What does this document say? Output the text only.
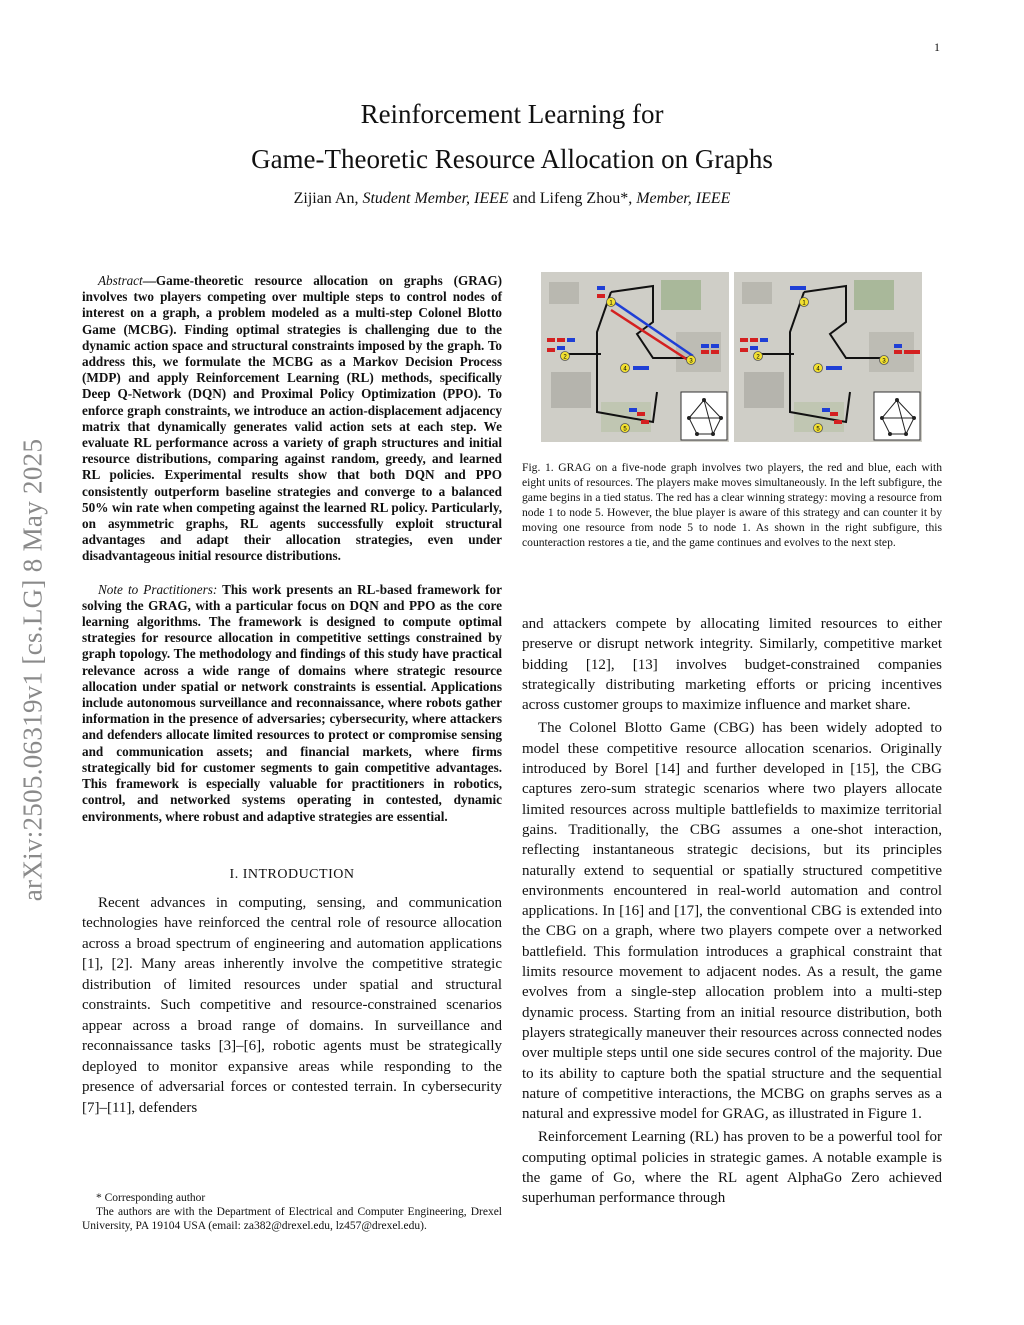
1
arXiv:2505.06319v1 [cs.LG] 8 May 2025
Reinforcement Learning for
Game-Theoretic Resource Allocation on Graphs
Zijian An, Student Member, IEEE and Lifeng Zhou*, Member, IEEE

Abstract—Game-theoretic resource allocation on graphs (GRAG) involves two players competing over multiple steps to control nodes of interest on a graph, a problem modeled as a multi-step Colonel Blotto Game (MCBG). Finding optimal strategies is challenging due to the dynamic action space and structural constraints imposed by the graph. To address this, we formulate the MCBG as a Markov Decision Process (MDP) and apply Reinforcement Learning (RL) methods, specifically Deep Q-Network (DQN) and Proximal Policy Optimization (PPO). To enforce graph constraints, we introduce an action-displacement adjacency matrix that dynamically generates valid action sets at each step. We evaluate RL performance across a variety of graph structures and initial resource distributions, comparing against random, greedy, and learned RL policies. Experimental results show that both DQN and PPO consistently outperform baseline strategies and converge to a balanced 50% win rate when competing against the learned RL policy. Particularly, on asymmetric graphs, RL agents successfully exploit structural advantages and adapt their allocation strategies, even under disadvantageous initial resource distributions.

Note to Practitioners: This work presents an RL-based framework for solving the GRAG, with a particular focus on DQN and PPO as the core learning algorithms. The framework is designed to compute optimal strategies for resource allocation in competitive settings constrained by graph topology. The methodology and findings of this study have practical relevance across a wide range of domains where strategic resource allocation under spatial or network constraints is essential. Applications include autonomous surveillance and reconnaissance, where robots gather information in the presence of adversaries; cybersecurity, where attackers and defenders allocate limited resources to protect or compromise sensing and communication assets; and financial markets, where firms strategically bid for customer segments to gain competitive advantages. This framework is especially valuable for practitioners in robotics, control, and networked systems operating in contested, dynamic environments, where robust and adaptive strategies are essential.

I. INTRODUCTION

Recent advances in computing, sensing, and communication technologies have reinforced the central role of resource allocation across a broad spectrum of engineering and automation applications [1], [2]. Many areas inherently involve the competitive strategic distribution of limited resources under spatial and structural constraints. Such competitive and resource-constrained scenarios appear across a broad range of domains. In surveillance and reconnaissance tasks [3]–[6], robotic agents must be strategically deployed to monitor expansive areas while responding to the presence of adversarial forces or contested terrain. In cybersecurity [7]–[11], defenders

* Corresponding author

The authors are with the Department of Electrical and Computer Engineering, Drexel University, PA 19104 USA (email: za382@drexel.edu, lz457@drexel.edu).

1
2
3
4
5
1
2
3
4
5
Fig. 1. GRAG on a five-node graph involves two players, the red and blue, each with eight units of resources. The players make moves simultaneously. In the left subfigure, the game begins in a tied status. The red has a clear winning strategy: moving a resource from node 1 to node 5. However, the blue player is aware of this strategy and can counter it by moving one resource from node 5 to node 1. As shown in the right subfigure, this counteraction restores a tie, and the game continues and evolves to the next step.

and attackers compete by allocating limited resources to either preserve or disrupt network integrity. Similarly, competitive market bidding [12], [13] involves budget-constrained companies strategically distributing marketing efforts or pricing incentives across customer groups to maximize influence and market share.

The Colonel Blotto Game (CBG) has been widely adopted to model these competitive resource allocation scenarios. Originally introduced by Borel [14] and further developed in [15], the CBG captures zero-sum strategic scenarios where two players allocate limited resources across multiple battlefields to maximize territorial gains. Traditionally, the CBG assumes a one-shot interaction, reflecting instantaneous strategic decisions, but its principles naturally extend to sequential or spatially structured competitive environments encountered in real-world automation and control applications. In [16] and [17], the conventional CBG is extended into the CBG on a graph, where two players compete over a networked battlefield. This formulation introduces a graphical constraint that limits resource movement to adjacent nodes. As a result, the game evolves from a single-step allocation problem into a multi-step dynamic process. Starting from an initial resource distribution, both players strategically maneuver their resources across connected nodes over multiple steps until one side secures control of the majority. Due to its ability to capture both the spatial structure and the sequential nature of competitive interactions, the MCBG on graphs serves as a natural and expressive model for GRAG, as illustrated in Figure 1.

Reinforcement Learning (RL) has proven to be a powerful tool for computing optimal policies in strategic games. A notable example is the game of Go, where the RL agent AlphaGo Zero achieved superhuman performance through
